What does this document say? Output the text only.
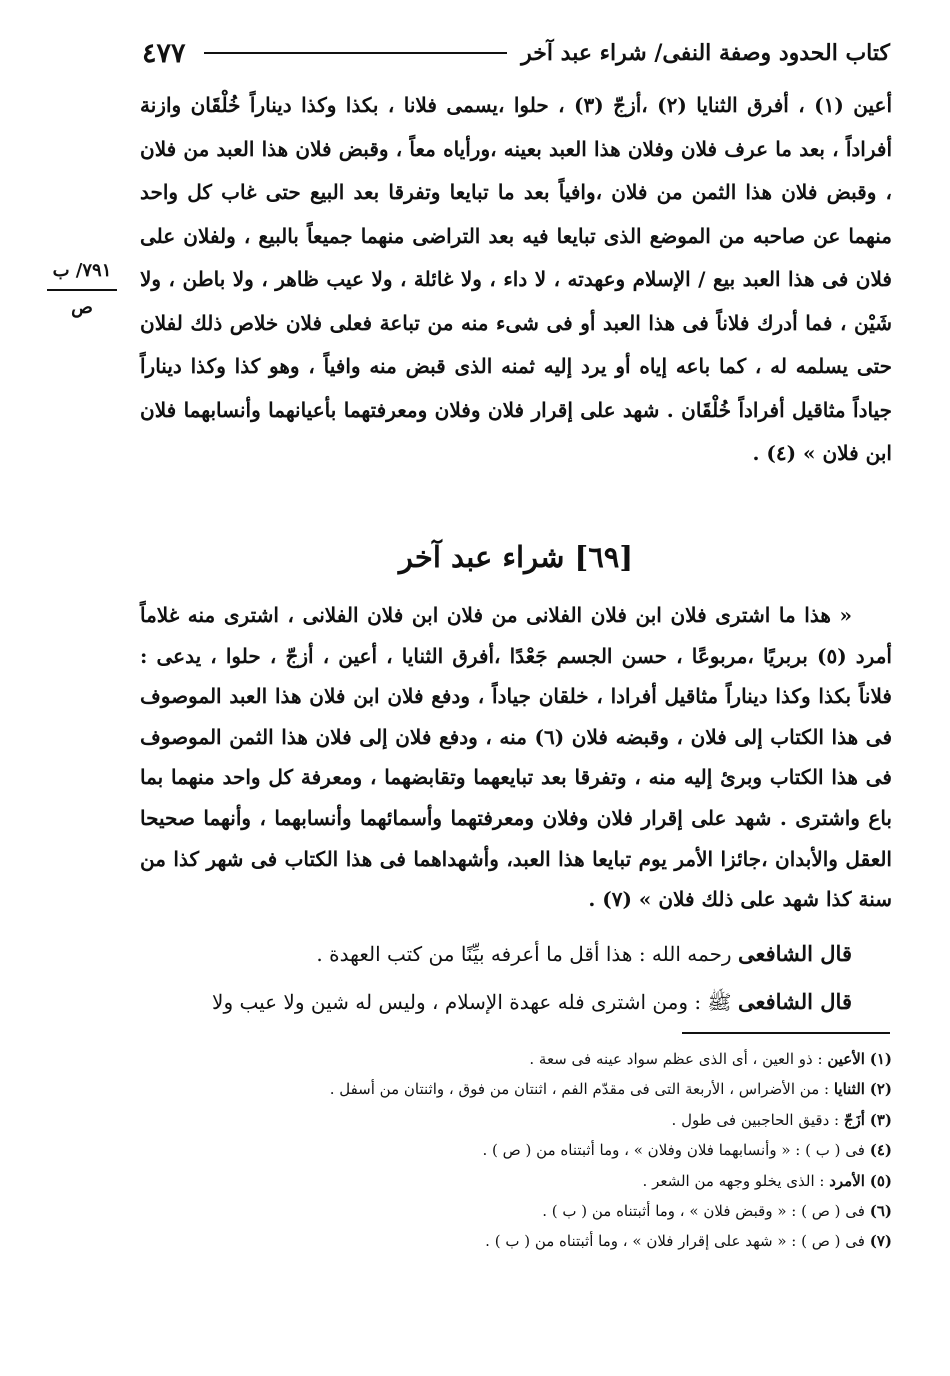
٤٧٧	كتاب الحدود وصفة النفى/ شراء عبد آخر
٧٩١/ ب
ص

أعين (١) ، أفرق الثنايا (٢) ،أزجّ (٣) ، حلوا ،يسمى فلانا ، بكذا وكذا ديناراً خُلْقَان وازنة أفراداً ، بعد ما عرف فلان وفلان هذا العبد بعينه ،ورأياه معاً ، وقبض فلان هذا العبد من فلان ، وقبض فلان هذا الثمن من فلان ،وافياً بعد ما تبايعا وتفرقا بعد البيع حتى غاب كل واحد منهما عن صاحبه من الموضع الذى تبايعا فيه بعد التراضى منهما جميعاً بالبيع ، ولفلان على فلان فى هذا العبد بيع / الإسلام وعهدته ، لا داء ، ولا غائلة ، ولا عيب ظاهر ، ولا باطن ، ولا شَيْن ، فما أدرك فلاناً فى هذا العبد أو فى شىء منه من تباعة فعلى فلان خلاص ذلك لفلان حتى يسلمه له ، كما باعه إياه أو يرد إليه ثمنه الذى قبض منه وافياً ، وهو كذا وكذا ديناراً جياداً مثاقيل أفراداً خُلْقَان . شهد على إقرار فلان وفلان ومعرفتهما بأعيانهما وأنسابهما فلان ابن فلان » (٤) .

[٦٩] شراء عبد آخر

« هذا ما اشترى فلان ابن فلان الفلانى من فلان ابن فلان الفلانى ، اشترى منه غلاماً أمرد (٥) بربريًا ،مربوعًا ، حسن الجسم جَعْدًا ،أفرق الثنايا ، أعين ، أزجّ ، حلوا ، يدعى : فلاناً بكذا وكذا ديناراً مثاقيل أفرادا ، خلقان جياداً ، ودفع فلان ابن فلان هذا العبد الموصوف فى هذا الكتاب إلى فلان ، وقبضه فلان (٦) منه ، ودفع فلان إلى فلان هذا الثمن الموصوف فى هذا الكتاب وبرئ إليه منه ، وتفرقا بعد تبايعهما وتقابضهما ، ومعرفة كل واحد منهما بما باع واشترى . شهد على إقرار فلان وفلان ومعرفتهما وأسمائهما وأنسابهما ، وأنهما صحيحا العقل والأبدان ،جائزا الأمر يوم تبايعا هذا العبد، وأشهداهما فى هذا الكتاب فى شهر كذا من سنة كذا شهد على ذلك فلان » (٧) .

قال الشافعى رحمه الله : هذا أقل ما أعرفه بيِّنًا من كتب العهدة .

قال الشافعى ﷺ : ومن اشترى فله عهدة الإسلام ، وليس له شين ولا عيب ولا

(١) الأعين : ذو العين ، أى الذى عظم سواد عينه فى سعة .
(٢) الثنايا : من الأضراس ، الأربعة التى فى مقدّم الفم ، اثنتان من فوق ، واثنتان من أسفل .
(٣) أزَجّ : دقيق الحاجبين فى طول .
(٤) فى ( ب ) : « وأنسابهما فلان وفلان » ، وما أثبتناه من ( ص ) .
(٥) الأمرد : الذى يخلو وجهه من الشعر .
(٦) فى ( ص ) : « وقبض فلان » ، وما أثبتناه من ( ب ) .
(٧) فى ( ص ) : « شهد على إقرار فلان » ، وما أثبتناه من ( ب ) .
